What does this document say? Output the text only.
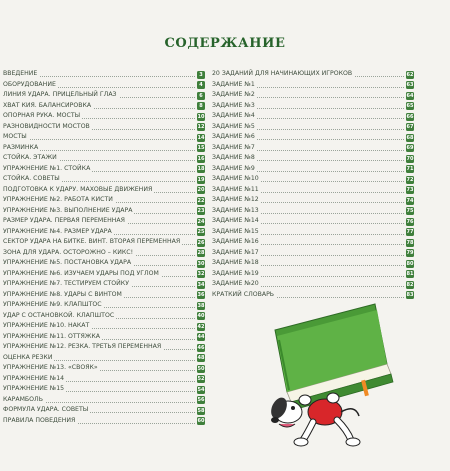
СОДЕРЖАНИЕ
ВВЕДЕНИЕ	3
ОБОРУДОВАНИЕ	4
ЛИНИЯ УДАРА. ПРИЦЕЛЬНЫЙ ГЛАЗ	6
ХВАТ КИЯ. БАЛАНСИРОВКА	8
ОПОРНАЯ РУКА. МОСТЫ	10
РАЗНОВИДНОСТИ МОСТОВ	12
МОСТЫ	14
РАЗМИНКА	15
СТОЙКА. ЭТАЖИ	16
УПРАЖНЕНИЕ №1. СТОЙКА	18
СТОЙКА. СОВЕТЫ	19
ПОДГОТОВКА К УДАРУ. МАХОВЫЕ ДВИЖЕНИЯ	20
УПРАЖНЕНИЕ №2. РАБОТА КИСТИ	22
УПРАЖНЕНИЕ №3. ВЫПОЛНЕНИЕ УДАРА	23
РАЗМЕР УДАРА. ПЕРВАЯ ПЕРЕМЕННАЯ	24
УПРАЖНЕНИЕ №4. РАЗМЕР УДАРА	25
СЕКТОР УДАРА НА БИТКЕ. ВИНТ. ВТОРАЯ ПЕРЕМЕННАЯ	26
ЗОНА ДЛЯ УДАРА. ОСТОРОЖНО – КИКС!	28
УПРАЖНЕНИЕ №5. ПОСТАНОВКА УДАРА	30
УПРАЖНЕНИЕ №6. ИЗУЧАЕМ УДАРЫ ПОД УГЛОМ	32
УПРАЖНЕНИЕ №7. ТЕСТИРУЕМ СТОЙКУ	34
УПРАЖНЕНИЕ №8. УДАРЫ С ВИНТОМ	36
УПРАЖНЕНИЕ №9. КЛАПШТОС	38
УДАР С ОСТАНОВКОЙ. КЛАПШТОС	40
УПРАЖНЕНИЕ №10. НАКАТ	42
УПРАЖНЕНИЕ №11. ОТТЯЖКА	44
УПРАЖНЕНИЕ №12. РЕЗКА. ТРЕТЬЯ ПЕРЕМЕННАЯ	46
ОЦЕНКА РЕЗКИ	48
УПРАЖНЕНИЕ №13. «СВОЯК»	50
УПРАЖНЕНИЕ №14	52
УПРАЖНЕНИЕ №15	54
КАРАМБОЛЬ	56
ФОРМУЛА УДАРА. СОВЕТЫ	58
ПРАВИЛА ПОВЕДЕНИЯ	60
20 ЗАДАНИЙ ДЛЯ НАЧИНАЮЩИХ ИГРОКОВ	62
ЗАДАНИЕ №1	63
ЗАДАНИЕ №2	64
ЗАДАНИЕ №3	65
ЗАДАНИЕ №4	66
ЗАДАНИЕ №5	67
ЗАДАНИЕ №6	68
ЗАДАНИЕ №7	69
ЗАДАНИЕ №8	70
ЗАДАНИЕ №9	71
ЗАДАНИЕ №10	72
ЗАДАНИЕ №11	73
ЗАДАНИЕ №12	74
ЗАДАНИЕ №13	75
ЗАДАНИЕ №14	76
ЗАДАНИЕ №15	77
ЗАДАНИЕ №16	78
ЗАДАНИЕ №17	79
ЗАДАНИЕ №18	80
ЗАДАНИЕ №19	81
ЗАДАНИЕ №20	82
КРАТКИЙ СЛОВАРЬ	83
